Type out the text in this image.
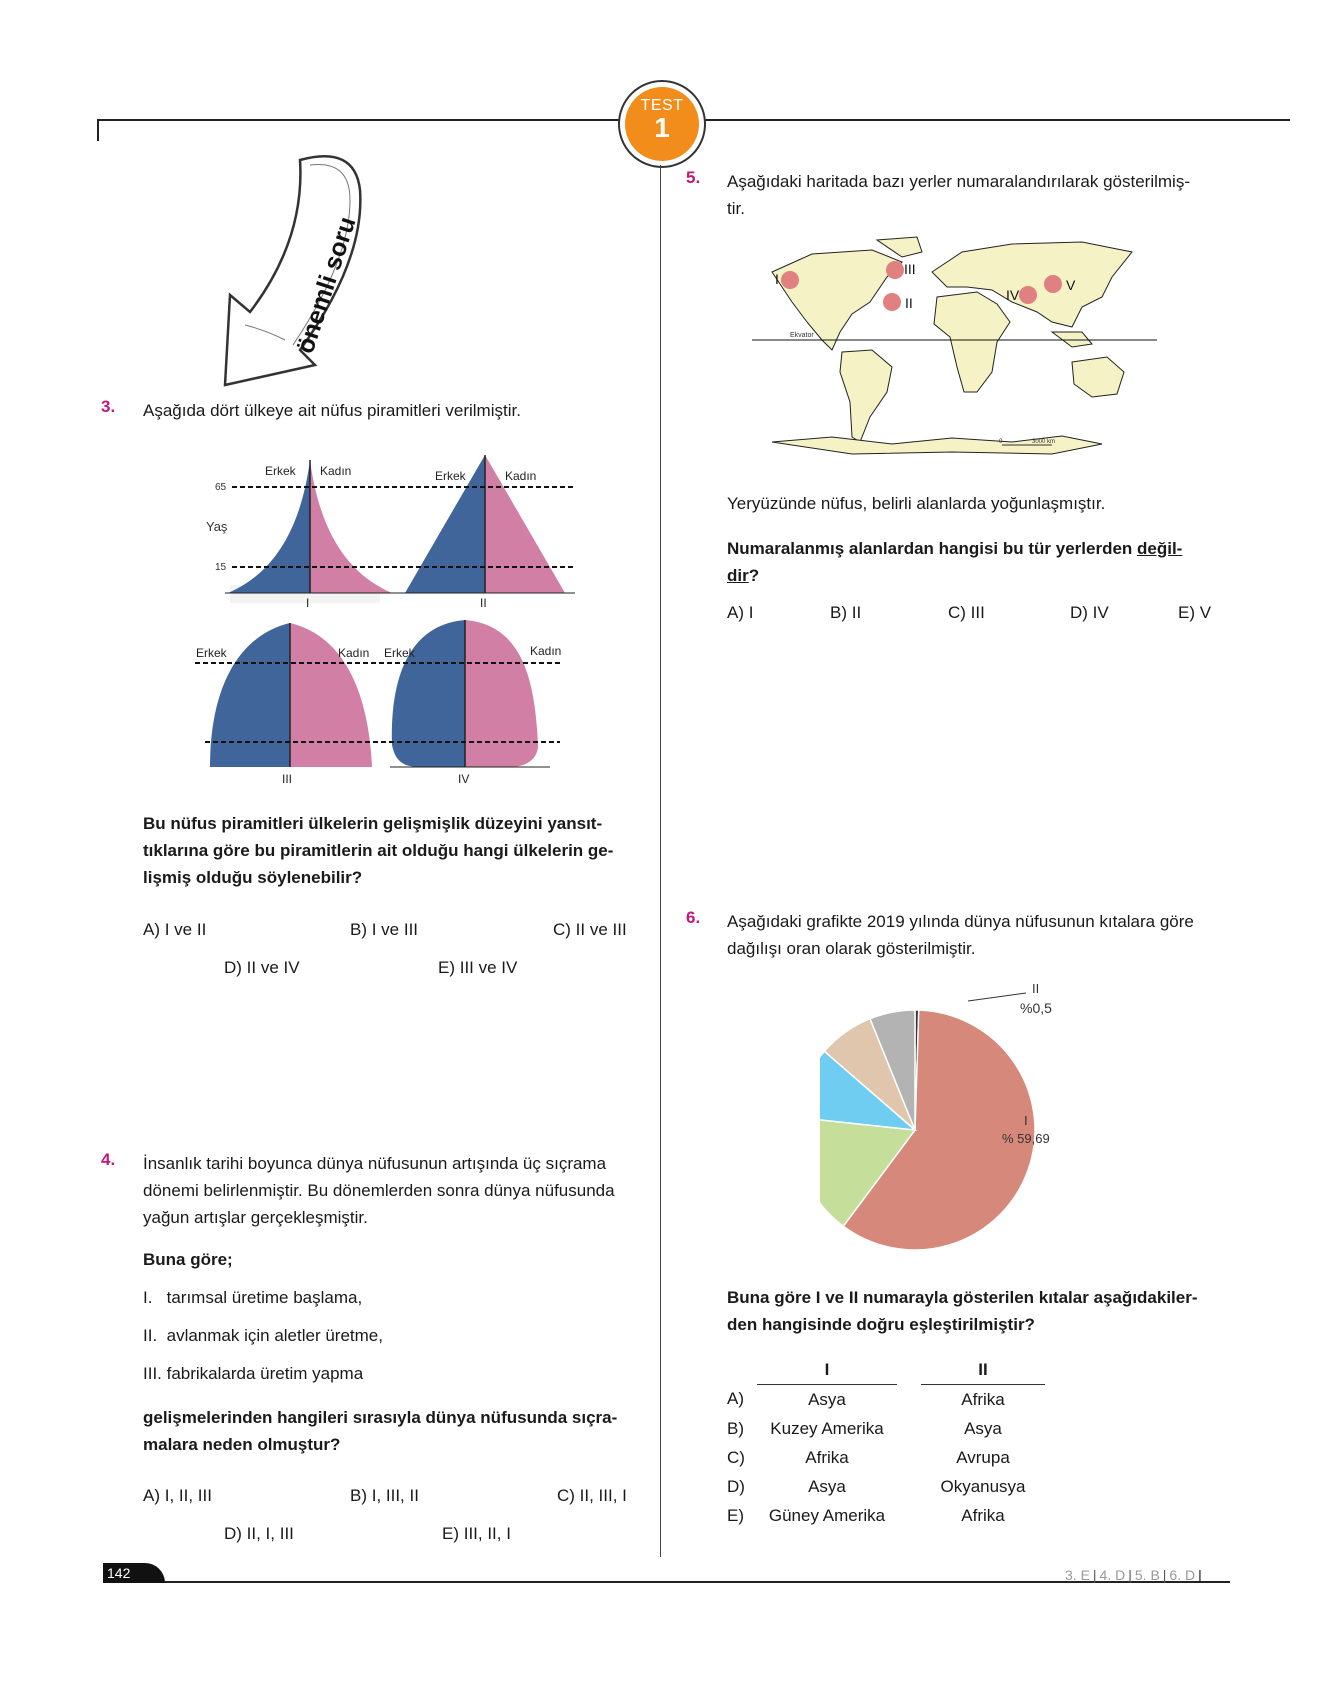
TEST
1
önemli soru
3. Aşağıda dört ülkeye ait nüfus piramitleri verilmiştir.
65
Yaş
15
Erkek Kadın	Erkek	Kadın
I	II
Erkek	Kadın Erkek	Kadın
III	IV
Bu nüfus piramitleri ülkelerin gelişmişlik düzeyini yansıt-
tıklarına göre bu piramitlerin ait olduğu hangi ülkelerin ge-
lişmiş olduğu söylenebilir?
A) I ve II	B) I ve III	C) II ve III
D) II ve IV	E) III ve IV
4. İnsanlık tarihi boyunca dünya nüfusunun artışında üç sıçrama
dönemi belirlenmiştir. Bu dönemlerden sonra dünya nüfusunda
yağun artışlar gerçekleşmiştir.
Buna göre;
I.   tarımsal üretime başlama,
II.  avlanmak için aletler üretme,
III. fabrikalarda üretim yapma
gelişmelerinden hangileri sırasıyla dünya nüfusunda sıçra-
malara neden olmuştur?
A) I, II, III	B) I, III, II	C) II, III, I
D) II, I, III	E) III, II, I
5. Aşağıdaki haritada bazı yerler numaralandırılarak gösterilmiş-
tir.
Ekvator
0	3000 km
I
II
III
IV
V
Yeryüzünde nüfus, belirli alanlarda yoğunlaşmıştır.
Numaralanmış alanlardan hangisi bu tür yerlerden değil-
dir?
A) I	B) II	C) III	D) IV	E) V
6. Aşağıdaki grafikte 2019 yılında dünya nüfusunun kıtalara göre
dağılışı oran olarak gösterilmiştir.
II
%0,5
I
% 59,69
Buna göre I ve II numarayla gösterilen kıtalar aşağıdakiler-
den hangisinde doğru eşleştirilmiştir?
	I		II
A)	Asya		Afrika
B)	Kuzey Amerika		Asya
C)	Afrika		Avrupa
D)	Asya		Okyanusya
E)	Güney Amerika		Afrika
142	3. E | 4. D | 5. B | 6. D |
